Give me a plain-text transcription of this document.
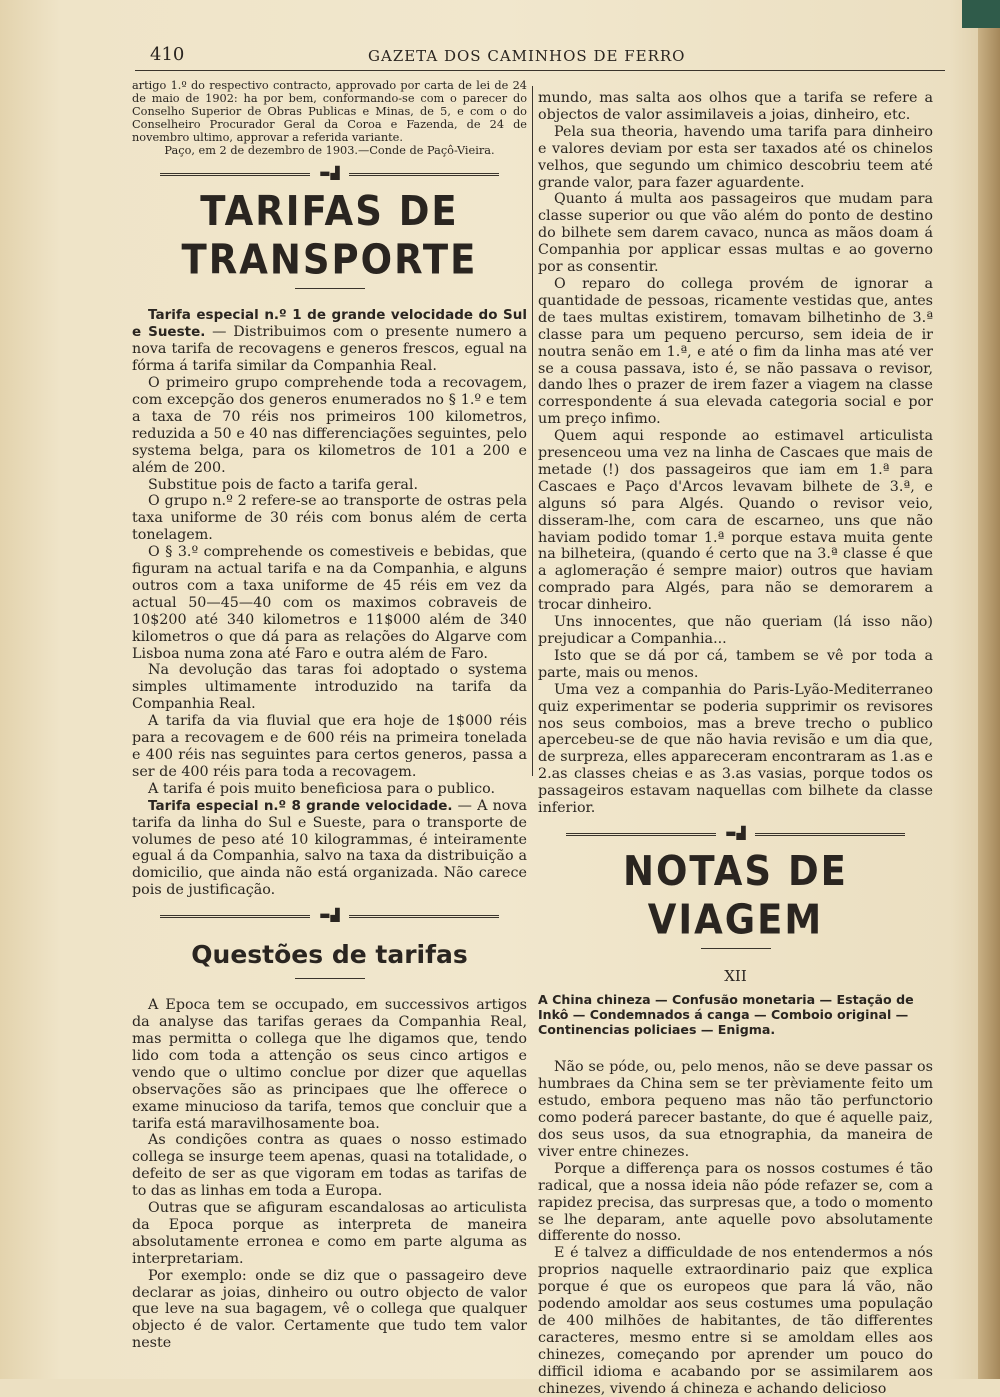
410	GAZETA DOS CAMINHOS DE FERRO

artigo 1.º do respectivo contracto, approvado por carta de lei de 24 de maio de 1902: ha por bem, conformando-se com o parecer do Conselho Superior de Obras Publicas e Minas, de 5, e com o do Conselheiro Procurador Geral da Coroa e Fazenda, de 24 de novembro ultimo, approvar a referida variante.

Paço, em 2 de dezembro de 1903.—Conde de Paçô-Vieira.

▬▟
TARIFAS DE TRANSPORTE

Tarifa especial n.º 1 de grande velocidade do Sul e Sueste. — Distribuimos com o presente numero a nova tarifa de recovagens e generos frescos, egual na fórma á tarifa similar da Companhia Real.

O primeiro grupo comprehende toda a recovagem, com excepção dos generos enumerados no § 1.º e tem a taxa de 70 réis nos primeiros 100 kilometros, reduzida a 50 e 40 nas differenciações seguintes, pelo systema belga, para os kilometros de 101 a 200 e além de 200.

Substitue pois de facto a tarifa geral.

O grupo n.º 2 refere-se ao transporte de ostras pela taxa uniforme de 30 réis com bonus além de certa tonelagem.

O § 3.º comprehende os comestiveis e bebidas, que figuram na actual tarifa e na da Companhia, e alguns outros com a taxa uniforme de 45 réis em vez da actual 50—45—40 com os maximos cobraveis de 10$200 até 340 kilometros e 11$000 além de 340 kilometros o que dá para as relações do Algarve com Lisboa numa zona até Faro e outra além de Faro.

Na devolução das taras foi adoptado o systema simples ultimamente introduzido na tarifa da Companhia Real.

A tarifa da via fluvial que era hoje de 1$000 réis para a recovagem e de 600 réis na primeira tonelada e 400 réis nas seguintes para certos generos, passa a ser de 400 réis para toda a recovagem.

A tarifa é pois muito beneficiosa para o publico.

Tarifa especial n.º 8 grande velocidade. — A nova tarifa da linha do Sul e Sueste, para o transporte de volumes de peso até 10 kilogrammas, é inteiramente egual á da Companhia, salvo na taxa da distribuição a domicilio, que ainda não está organizada. Não carece pois de justificação.

▬▟
Questões de tarifas

A Epoca tem se occupado, em successivos artigos da analyse das tarifas geraes da Companhia Real, mas permitta o collega que lhe digamos que, tendo lido com toda a attenção os seus cinco artigos e vendo que o ultimo conclue por dizer que aquellas observações são as principaes que lhe offerece o exame minucioso da tarifa, temos que concluir que a tarifa está maravilhosamente boa.

As condições contra as quaes o nosso estimado collega se insurge teem apenas, quasi na totalidade, o defeito de ser as que vigoram em todas as tarifas de to das as linhas em toda a Europa.

Outras que se afiguram escandalosas ao articulista da Epoca porque as interpreta de maneira absolutamente erronea e como em parte alguma as interpretariam.

Por exemplo: onde se diz que o passageiro deve declarar as joias, dinheiro ou outro objecto de valor que leve na sua bagagem, vê o collega que qualquer objecto é de valor. Certamente que tudo tem valor neste

mundo, mas salta aos olhos que a tarifa se refere a objectos de valor assimilaveis a joias, dinheiro, etc.

Pela sua theoria, havendo uma tarifa para dinheiro e valores deviam por esta ser taxados até os chinelos velhos, que segundo um chimico descobriu teem até grande valor, para fazer aguardente.

Quanto á multa aos passageiros que mudam para classe superior ou que vão além do ponto de destino do bilhete sem darem cavaco, nunca as mãos doam á Companhia por applicar essas multas e ao governo por as consentir.

O reparo do collega provém de ignorar a quantidade de pessoas, ricamente vestidas que, antes de taes multas existirem, tomavam bilhetinho de 3.ª classe para um pequeno percurso, sem ideia de ir noutra senão em 1.ª, e até o fim da linha mas até ver se a cousa passava, isto é, se não passava o revisor, dando lhes o prazer de irem fazer a viagem na classe correspondente á sua elevada categoria social e por um preço infimo.

Quem aqui responde ao estimavel articulista presenceou uma vez na linha de Cascaes que mais de metade (!) dos passageiros que iam em 1.ª para Cascaes e Paço d'Arcos levavam bilhete de 3.ª, e alguns só para Algés. Quando o revisor veio, disseram-lhe, com cara de escarneo, uns que não haviam podido tomar 1.ª porque estava muita gente na bilheteira, (quando é certo que na 3.ª classe é que a aglomeração é sempre maior) outros que haviam comprado para Algés, para não se demorarem a trocar dinheiro.

Uns innocentes, que não queriam (lá isso não) prejudicar a Companhia...

Isto que se dá por cá, tambem se vê por toda a parte, mais ou menos.

Uma vez a companhia do Paris-Lyão-Mediterraneo quiz experimentar se poderia supprimir os revisores nos seus comboios, mas a breve trecho o publico apercebeu-se de que não havia revisão e um dia que, de surpreza, elles appareceram encontraram as 1.as e 2.as classes cheias e as 3.as vasias, porque todos os passageiros estavam naquellas com bilhete da classe inferior.

▬▟
NOTAS DE VIAGEM
XII
A China chineza — Confusão monetaria — Estação de Inkô — Condemnados á canga — Comboio original — Continencias policiaes — Enigma.

Não se póde, ou, pelo menos, não se deve passar os humbraes da China sem se ter prèviamente feito um estudo, embora pequeno mas não tão perfunctorio como poderá parecer bastante, do que é aquelle paiz, dos seus usos, da sua etnographia, da maneira de viver entre chinezes.

Porque a differença para os nossos costumes é tão radical, que a nossa ideia não póde refazer se, com a rapidez precisa, das surpresas que, a todo o momento se lhe deparam, ante aquelle povo absolutamente differente do nosso.

E é talvez a difficuldade de nos entendermos a nós proprios naquelle extraordinario paiz que explica porque é que os europeos que para lá vão, não podendo amoldar aos seus costumes uma população de 400 milhões de habitantes, de tão differentes caracteres, mesmo entre si se amoldam elles aos chinezes, começando por aprender um pouco do difficil idioma e acabando por se assimilarem aos chinezes, vivendo á chineza e achando delicioso
